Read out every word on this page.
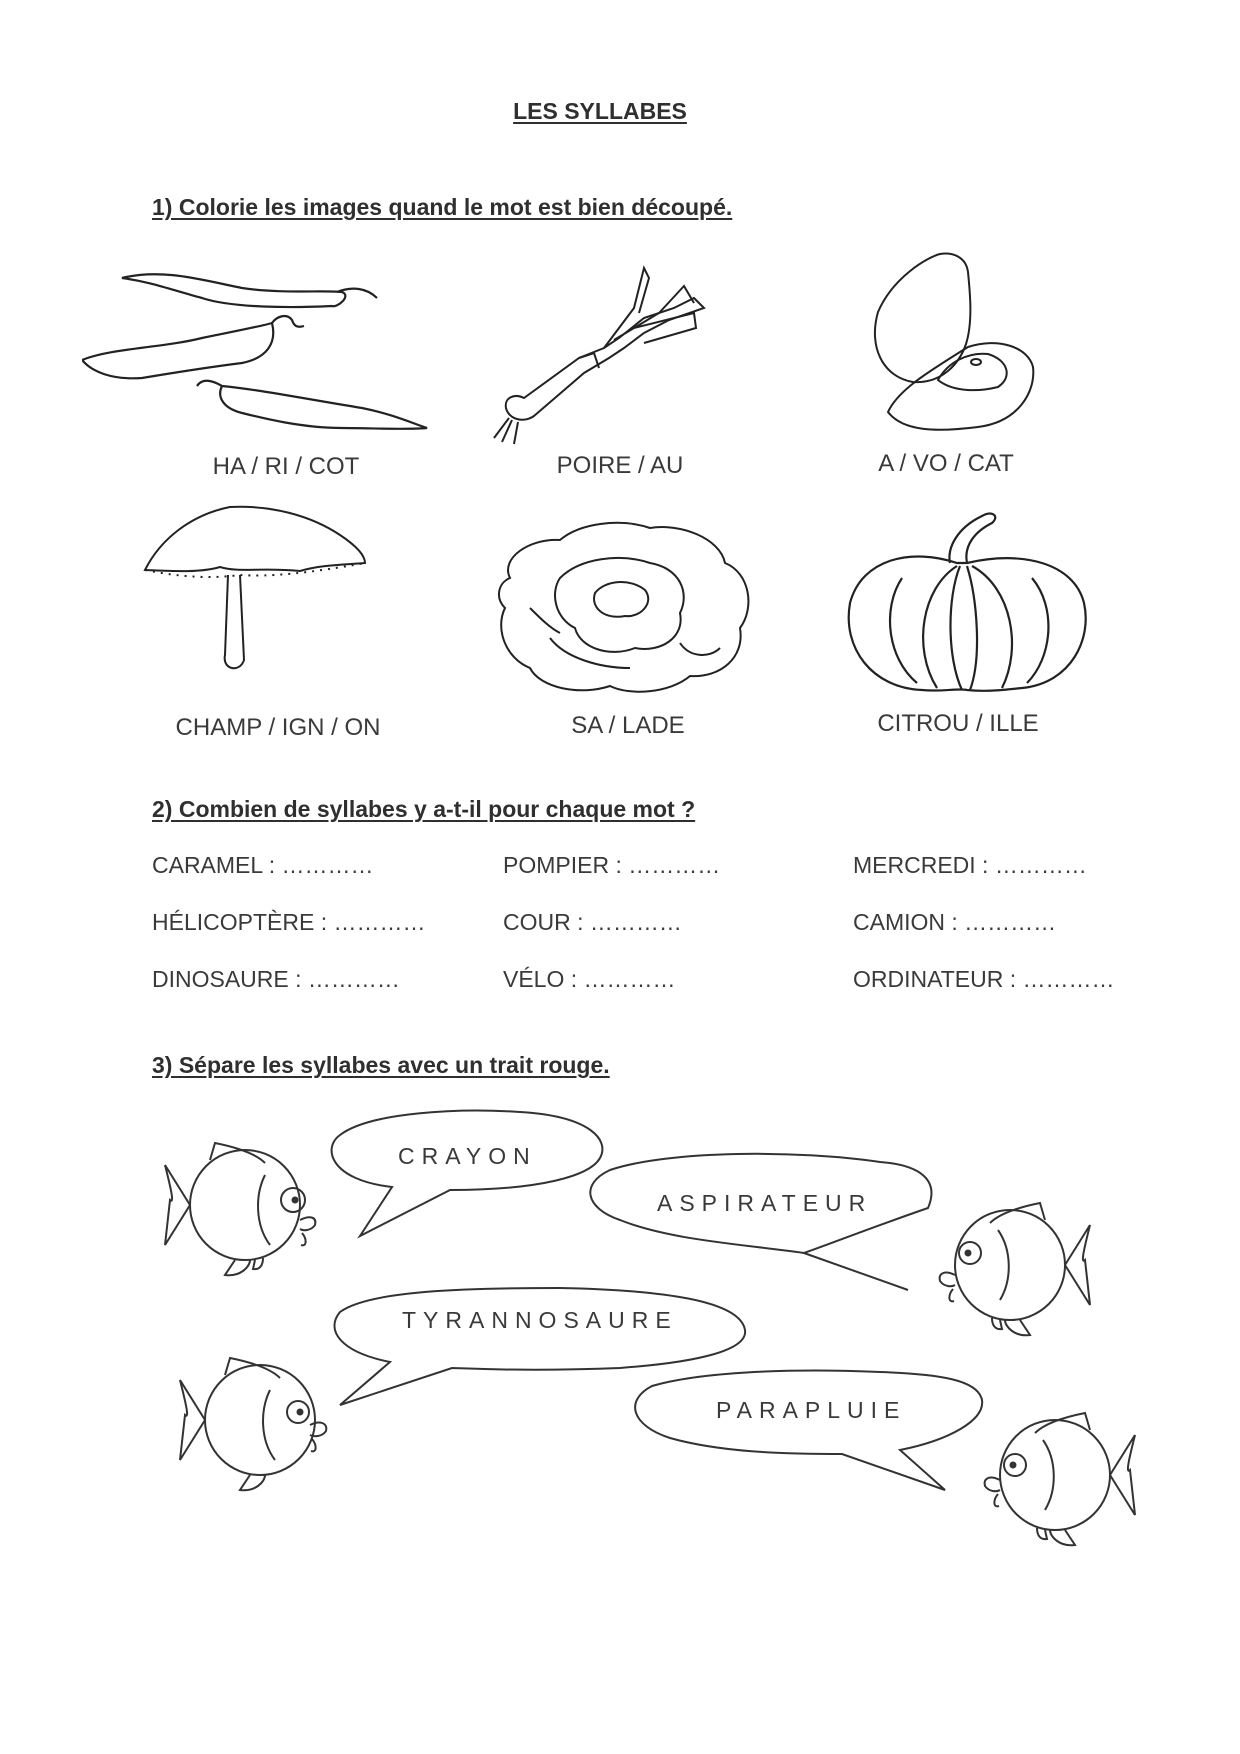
LES SYLLABES
1) Colorie les images quand le mot est bien découpé.
HA / RI / COT	POIRE / AU	A / VO / CAT
CHAMP / IGN / ON	SA / LADE	CITROU / ILLE
2) Combien de syllabes y a-t-il pour chaque mot ?
CARAMEL : …………	POMPIER : …………	MERCREDI : …………
HÉLICOPTÈRE : …………	COUR : …………	CAMION : …………
DINOSAURE : …………	VÉLO : …………	ORDINATEUR : …………
3) Sépare les syllabes avec un trait rouge.
CRAYON
ASPIRATEUR
TYRANNOSAURE
PARAPLUIE
